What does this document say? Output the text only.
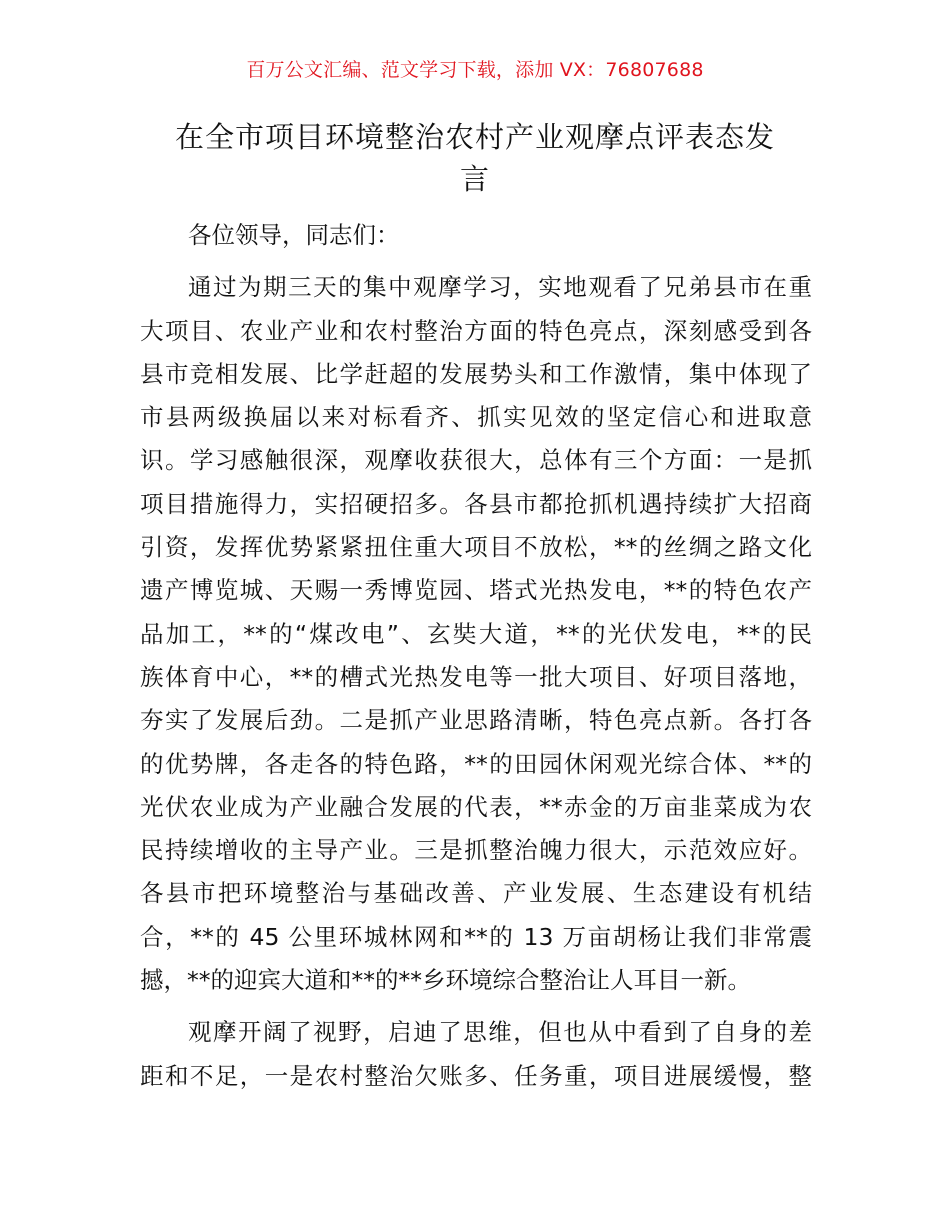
百万公文汇编、范文学习下载，添加 VX：76807688
在全市项目环境整治农村产业观摩点评表态发
言
各位领导，同志们：
通过为期三天的集中观摩学习，实地观看了兄弟县市在重
大项目、农业产业和农村整治方面的特色亮点，深刻感受到各
县市竞相发展、比学赶超的发展势头和工作激情，集中体现了
市县两级换届以来对标看齐、抓实见效的坚定信心和进取意
识。学习感触很深，观摩收获很大，总体有三个方面：一是抓
项目措施得力，实招硬招多。各县市都抢抓机遇持续扩大招商
引资，发挥优势紧紧扭住重大项目不放松，**的丝绸之路文化
遗产博览城、天赐一秀博览园、塔式光热发电，**的特色农产
品加工，**的“煤改电”、玄奘大道，**的光伏发电，**的民
族体育中心，**的槽式光热发电等一批大项目、好项目落地，
夯实了发展后劲。二是抓产业思路清晰，特色亮点新。各打各
的优势牌，各走各的特色路，**的田园休闲观光综合体、**的
光伏农业成为产业融合发展的代表，**赤金的万亩韭菜成为农
民持续增收的主导产业。三是抓整治魄力很大，示范效应好。
各县市把环境整治与基础改善、产业发展、生态建设有机结
合，**的 45 公里环城林网和**的 13 万亩胡杨让我们非常震
撼，**的迎宾大道和**的**乡环境综合整治让人耳目一新。
观摩开阔了视野，启迪了思维，但也从中看到了自身的差
距和不足，一是农村整治欠账多、任务重，项目进展缓慢，整
